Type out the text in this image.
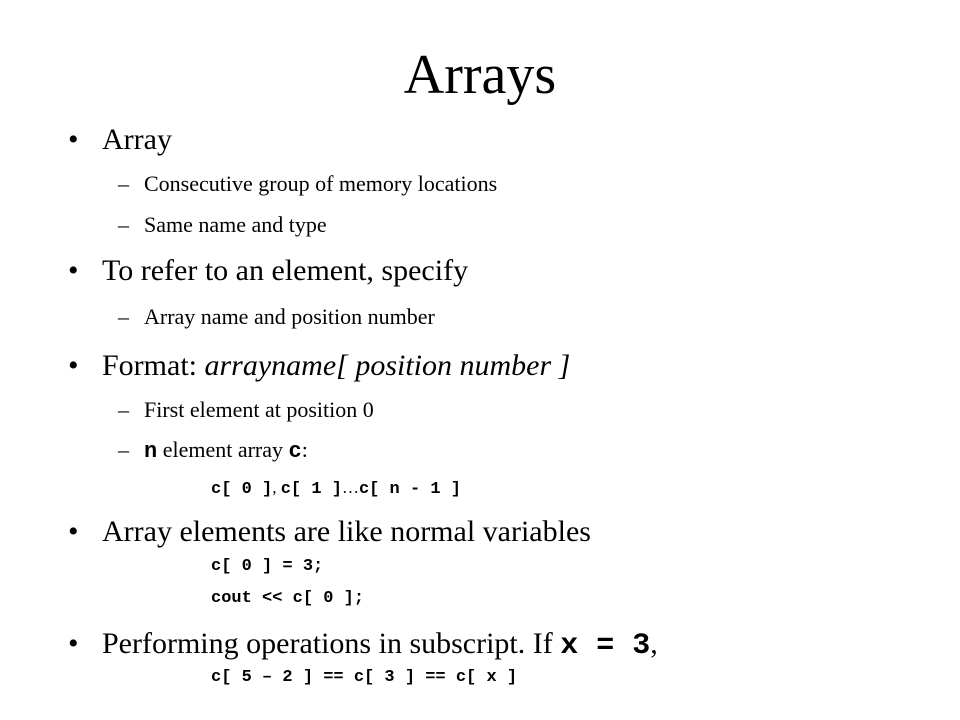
Arrays
• Array
– Consecutive group of memory locations
– Same name and type
• To refer to an element, specify
– Array name and position number
• Format: arrayname[ position number ]
– First element at position 0
– n element array c:
c[ 0 ], c[ 1 ]…c[ n - 1 ]
• Array elements are like normal variables
c[ 0 ] = 3;
cout << c[ 0 ];
• Performing operations in subscript. If x = 3,
c[ 5 – 2 ] == c[ 3 ] == c[ x ]
